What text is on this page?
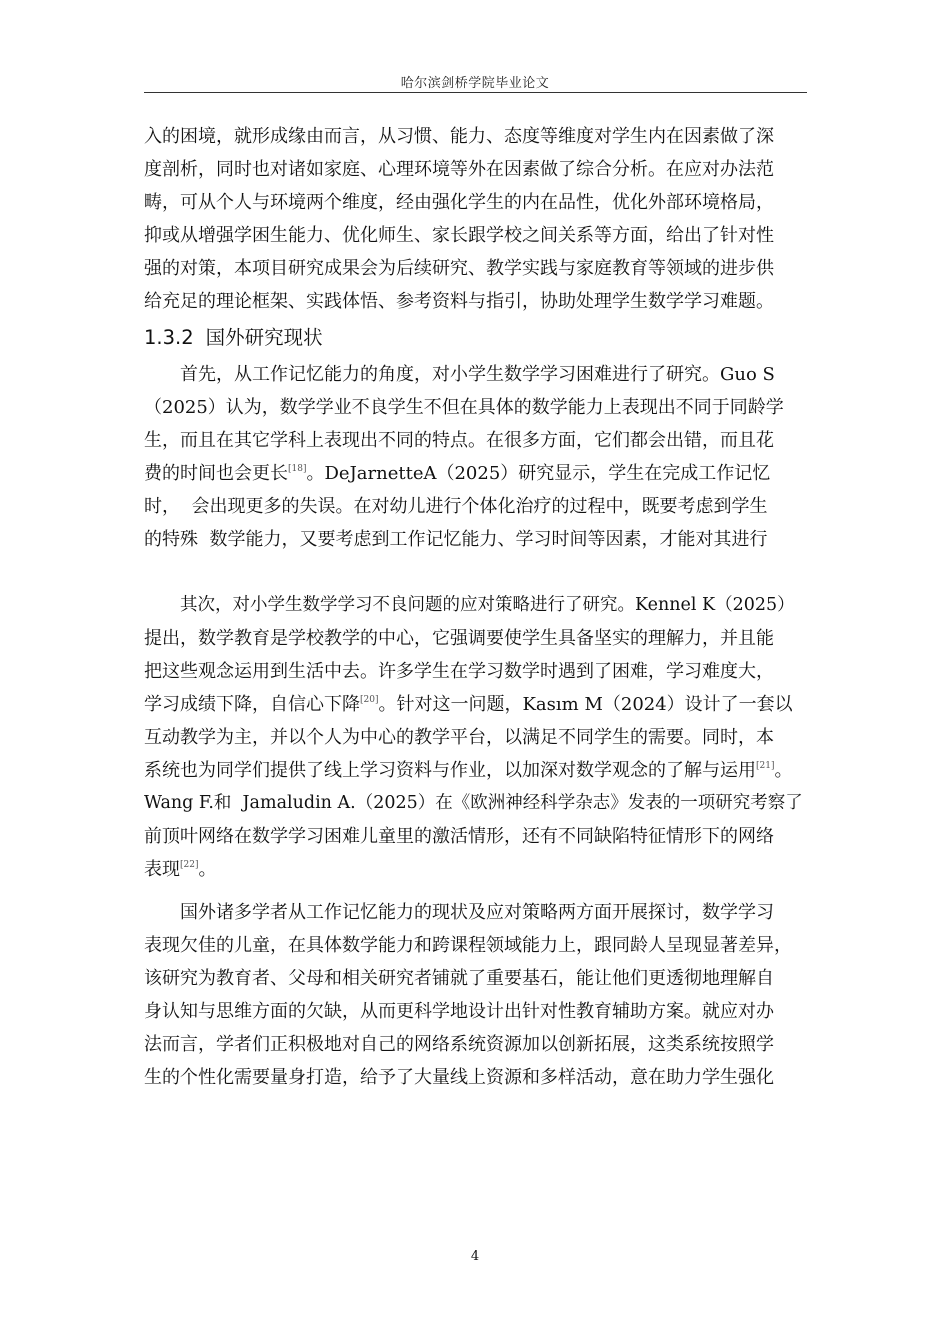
哈尔滨剑桥学院毕业论文
入的困境，就形成缘由而言，从习惯、能力、态度等维度对学生内在因素做了深
度剖析，同时也对诸如家庭、心理环境等外在因素做了综合分析。在应对办法范
畴，可从个人与环境两个维度，经由强化学生的内在品性，优化外部环境格局，
抑或从增强学困生能力、优化师生、家长跟学校之间关系等方面，给出了针对性
强的对策，本项目研究成果会为后续研究、教学实践与家庭教育等领域的进步供
给充足的理论框架、实践体悟、参考资料与指引，协助处理学生数学学习难题。
1.3.2 国外研究现状
首先，从工作记忆能力的角度，对小学生数学学习困难进行了研究。Guo S
（2025）认为，数学学业不良学生不但在具体的数学能力上表现出不同于同龄学
生，而且在其它学科上表现出不同的特点。在很多方面，它们都会出错，而且花
费的时间也会更长[18]。DeJarnetteA（2025）研究显示，学生在完成工作记忆
时，  会出现更多的失误。在对幼儿进行个体化治疗的过程中，既要考虑到学生
的特殊  数学能力，又要考虑到工作记忆能力、学习时间等因素，才能对其进行

其次，对小学生数学学习不良问题的应对策略进行了研究。Kennel K（2025）
提出，数学教育是学校教学的中心，它强调要使学生具备坚实的理解力，并且能
把这些观念运用到生活中去。许多学生在学习数学时遇到了困难，学习难度大，
学习成绩下降，自信心下降[20]。针对这一问题，Kasım M（2024）设计了一套以
互动教学为主，并以个人为中心的教学平台，以满足不同学生的需要。同时，本
系统也为同学们提供了线上学习资料与作业，以加深对数学观念的了解与运用[21]。
Wang F.和  Jamaludin A.（2025）在《欧洲神经科学杂志》发表的一项研究考察了
前顶叶网络在数学学习困难儿童里的激活情形，还有不同缺陷特征情形下的网络
表现[22]。
国外诸多学者从工作记忆能力的现状及应对策略两方面开展探讨，数学学习
表现欠佳的儿童，在具体数学能力和跨课程领域能力上，跟同龄人呈现显著差异，
该研究为教育者、父母和相关研究者铺就了重要基石，能让他们更透彻地理解自
身认知与思维方面的欠缺，从而更科学地设计出针对性教育辅助方案。就应对办
法而言，学者们正积极地对自己的网络系统资源加以创新拓展，这类系统按照学
生的个性化需要量身打造，给予了大量线上资源和多样活动，意在助力学生强化
4
